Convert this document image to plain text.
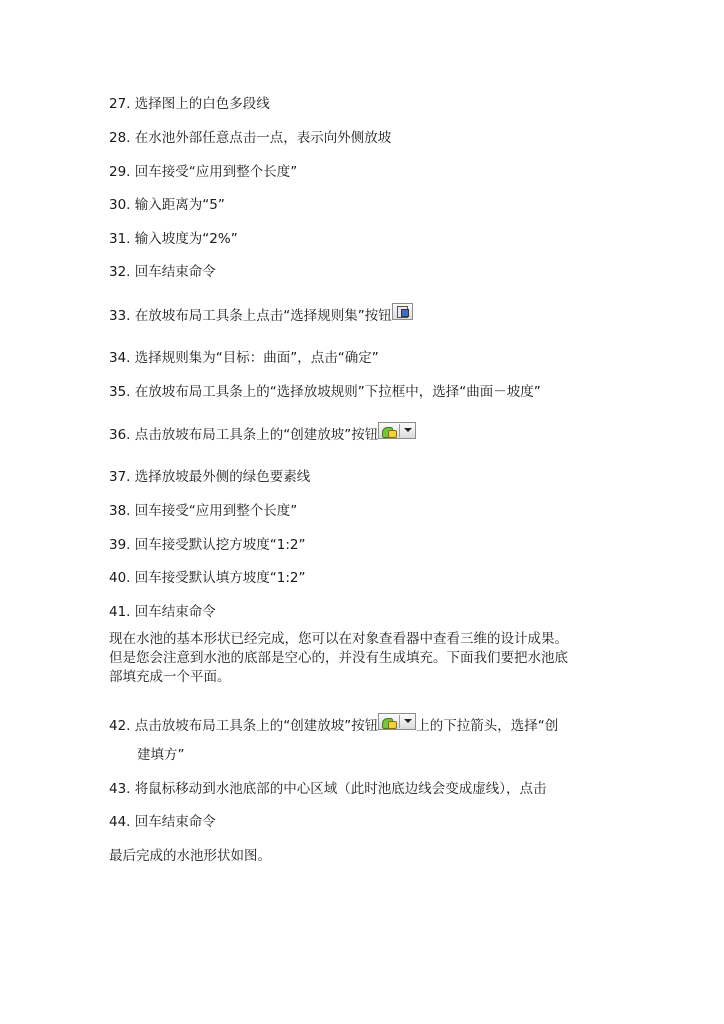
27. 选择图上的白色多段线
28. 在水池外部任意点击一点，表示向外侧放坡
29. 回车接受“应用到整个长度”
30. 输入距离为“5”
31. 输入坡度为“2%”
32. 回车结束命令
33. 在放坡布局工具条上点击“选择规则集”按钮
34. 选择规则集为“目标：曲面”，点击“确定”
35. 在放坡布局工具条上的“选择放坡规则”下拉框中，选择“曲面－坡度”
36. 点击放坡布局工具条上的“创建放坡”按钮
37. 选择放坡最外侧的绿色要素线
38. 回车接受“应用到整个长度”
39. 回车接受默认挖方坡度“1:2”
40. 回车接受默认填方坡度“1:2”
41. 回车结束命令
现在水池的基本形状已经完成，您可以在对象查看器中查看三维的设计成果。
但是您会注意到水池的底部是空心的，并没有生成填充。下面我们要把水池底
部填充成一个平面。
42. 点击放坡布局工具条上的“创建放坡”按钮	上的下拉箭头，选择“创
建填方”
43. 将鼠标移动到水池底部的中心区域（此时池底边线会变成虚线），点击
44. 回车结束命令
最后完成的水池形状如图。
